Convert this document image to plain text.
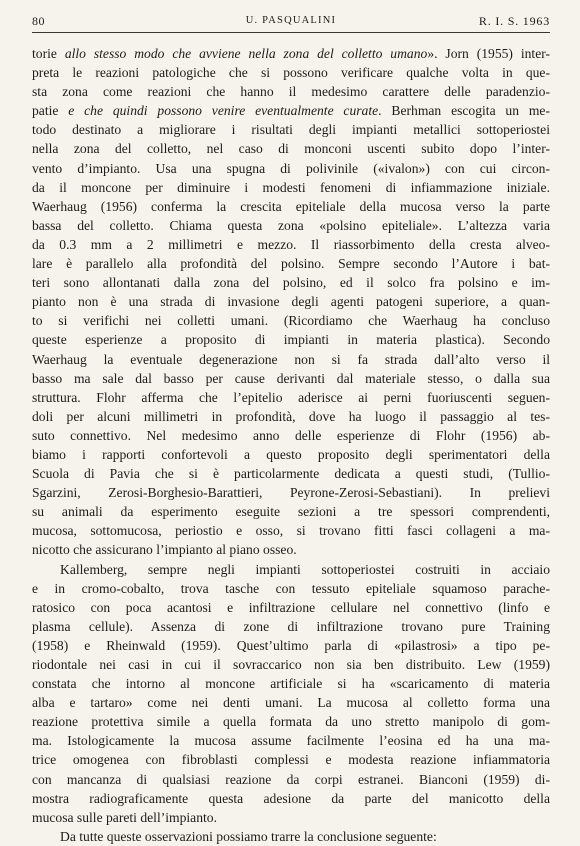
80	U. PASQUALINI	R. I. S. 1963
torie allo stesso modo che avviene nella zona del colletto umano». Jorn (1955) inter-
preta le reazioni patologiche che si possono verificare qualche volta in que-
sta zona come reazioni che hanno il medesimo carattere delle paradenzio-
patie e che quindi possono venire eventualmente curate. Berhman escogita un me-
todo destinato a migliorare i risultati degli impianti metallici sottoperiostei
nella zona del colletto, nel caso di monconi uscenti subito dopo l’inter-
vento d’impianto. Usa una spugna di polivinile («ivalon») con cui circon-
da il moncone per diminuire i modesti fenomeni di infiammazione iniziale.
Waerhaug (1956) conferma la crescita epiteliale della mucosa verso la parte
bassa del colletto. Chiama questa zona «polsino epiteliale». L’altezza varia
da 0.3 mm a 2 millimetri e mezzo. Il riassorbimento della cresta alveo-
lare è parallelo alla profondità del polsino. Sempre secondo l’Autore i bat-
teri sono allontanati dalla zona del polsino, ed il solco fra polsino e im-
pianto non è una strada di invasione degli agenti patogeni superiore, a quan-
to si verifichi nei colletti umani. (Ricordiamo che Waerhaug ha concluso
queste esperienze a proposito di impianti in materia plastica). Secondo
Waerhaug la eventuale degenerazione non si fa strada dall’alto verso il
basso ma sale dal basso per cause derivanti dal materiale stesso, o dalla sua
struttura. Flohr afferma che l’epitelio aderisce ai perni fuoriuscenti seguen-
doli per alcuni millimetri in profondità, dove ha luogo il passaggio al tes-
suto connettivo. Nel medesimo anno delle esperienze di Flohr (1956) ab-
biamo i rapporti confortevoli a questo proposito degli sperimentatori della
Scuola di Pavia che si è particolarmente dedicata a questi studi, (Tullio-
Sgarzini, Zerosi-Borghesio-Barattieri, Peyrone-Zerosi-Sebastiani). In prelievi
su animali da esperimento eseguite sezioni a tre spessori comprendenti,
mucosa, sottomucosa, periostio e osso, si trovano fitti fasci collageni a ma-
nicotto che assicurano l’impianto al piano osseo.
Kallemberg, sempre negli impianti sottoperiostei costruiti in acciaio
e in cromo-cobalto, trova tasche con tessuto epiteliale squamoso parache-
ratosico con poca acantosi e infiltrazione cellulare nel connettivo (linfo e
plasma cellule). Assenza di zone di infiltrazione trovano pure Training
(1958) e Rheinwald (1959). Quest’ultimo parla di «pilastrosi» a tipo pe-
riodontale nei casi in cui il sovraccarico non sia ben distribuito. Lew (1959)
constata che intorno al moncone artificiale si ha «scaricamento di materia
alba e tartaro» come nei denti umani. La mucosa al colletto forma una
reazione protettiva simile a quella formata da uno stretto manipolo di gom-
ma. Istologicamente la mucosa assume facilmente l’eosina ed ha una ma-
trice omogenea con fibroblasti complessi e modesta reazione infiammatoria
con mancanza di qualsiasi reazione da corpi estranei. Bianconi (1959) di-
mostra radiograficamente questa adesione da parte del manicotto della
mucosa sulle pareti dell’impianto.
Da tutte queste osservazioni possiamo trarre la conclusione seguente:
